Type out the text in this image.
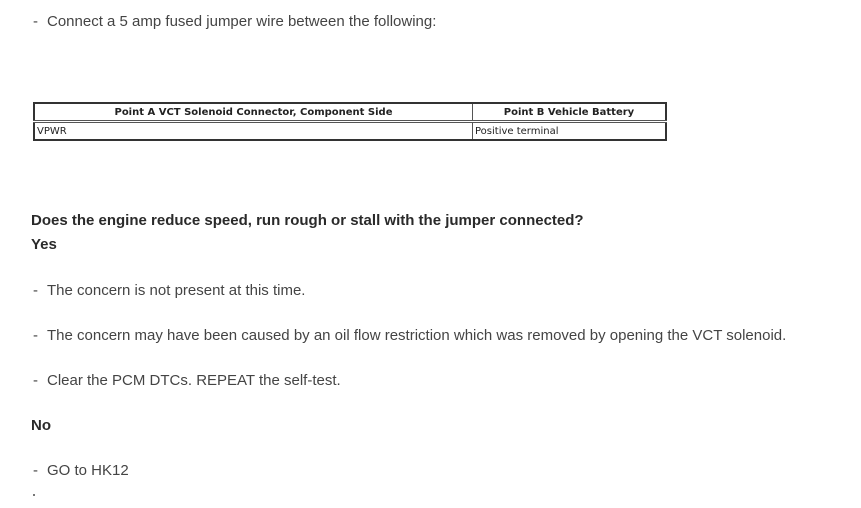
- Connect a 5 amp fused jumper wire between the following:
Point A VCT Solenoid Connector, Component Side	Point B Vehicle Battery
VPWR	Positive terminal
Does the engine reduce speed, run rough or stall with the jumper connected?
Yes
- The concern is not present at this time.
- The concern may have been caused by an oil flow restriction which was removed by opening the VCT solenoid.
- Clear the PCM DTCs. REPEAT the self-test.
No
- GO to HK12
